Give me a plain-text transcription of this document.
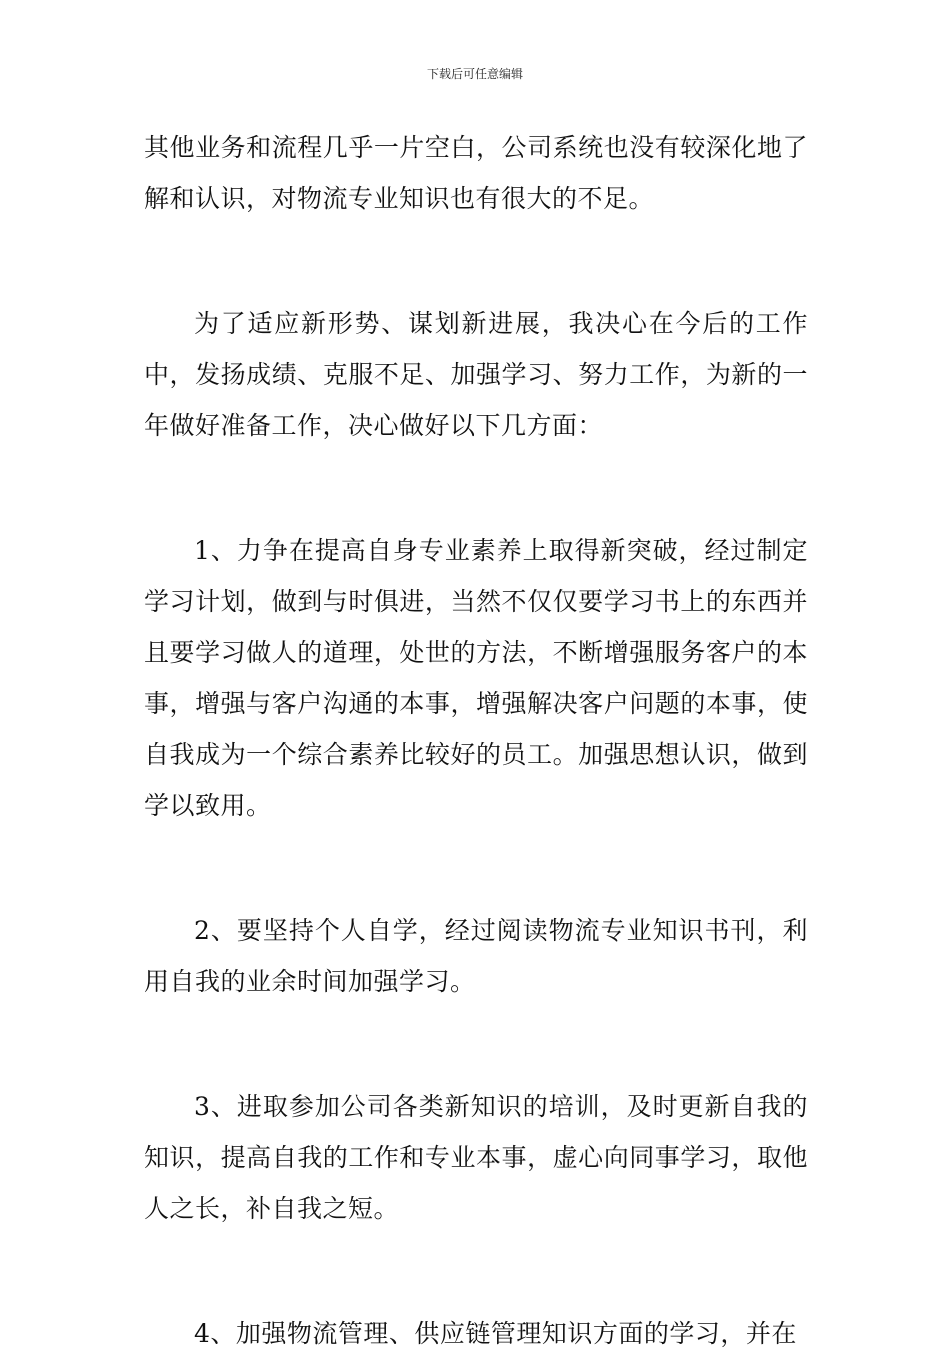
下载后可任意编辑

其他业务和流程几乎一片空白，公司系统也没有较深化地了解和认识，对物流专业知识也有很大的不足。

为了适应新形势、谋划新进展，我决心在今后的工作中，发扬成绩、克服不足、加强学习、努力工作，为新的一年做好准备工作，决心做好以下几方面：

1、力争在提高自身专业素养上取得新突破，经过制定学习计划，做到与时俱进，当然不仅仅要学习书上的东西并且要学习做人的道理，处世的方法，不断增强服务客户的本事，增强与客户沟通的本事，增强解决客户问题的本事，使自我成为一个综合素养比较好的员工。加强思想认识，做到学以致用。

2、要坚持个人自学，经过阅读物流专业知识书刊，利用自我的业余时间加强学习。

3、进取参加公司各类新知识的培训，及时更新自我的知识，提高自我的工作和专业本事，虚心向同事学习，取他人之长，补自我之短。

4、加强物流管理、供应链管理知识方面的学习，并在
